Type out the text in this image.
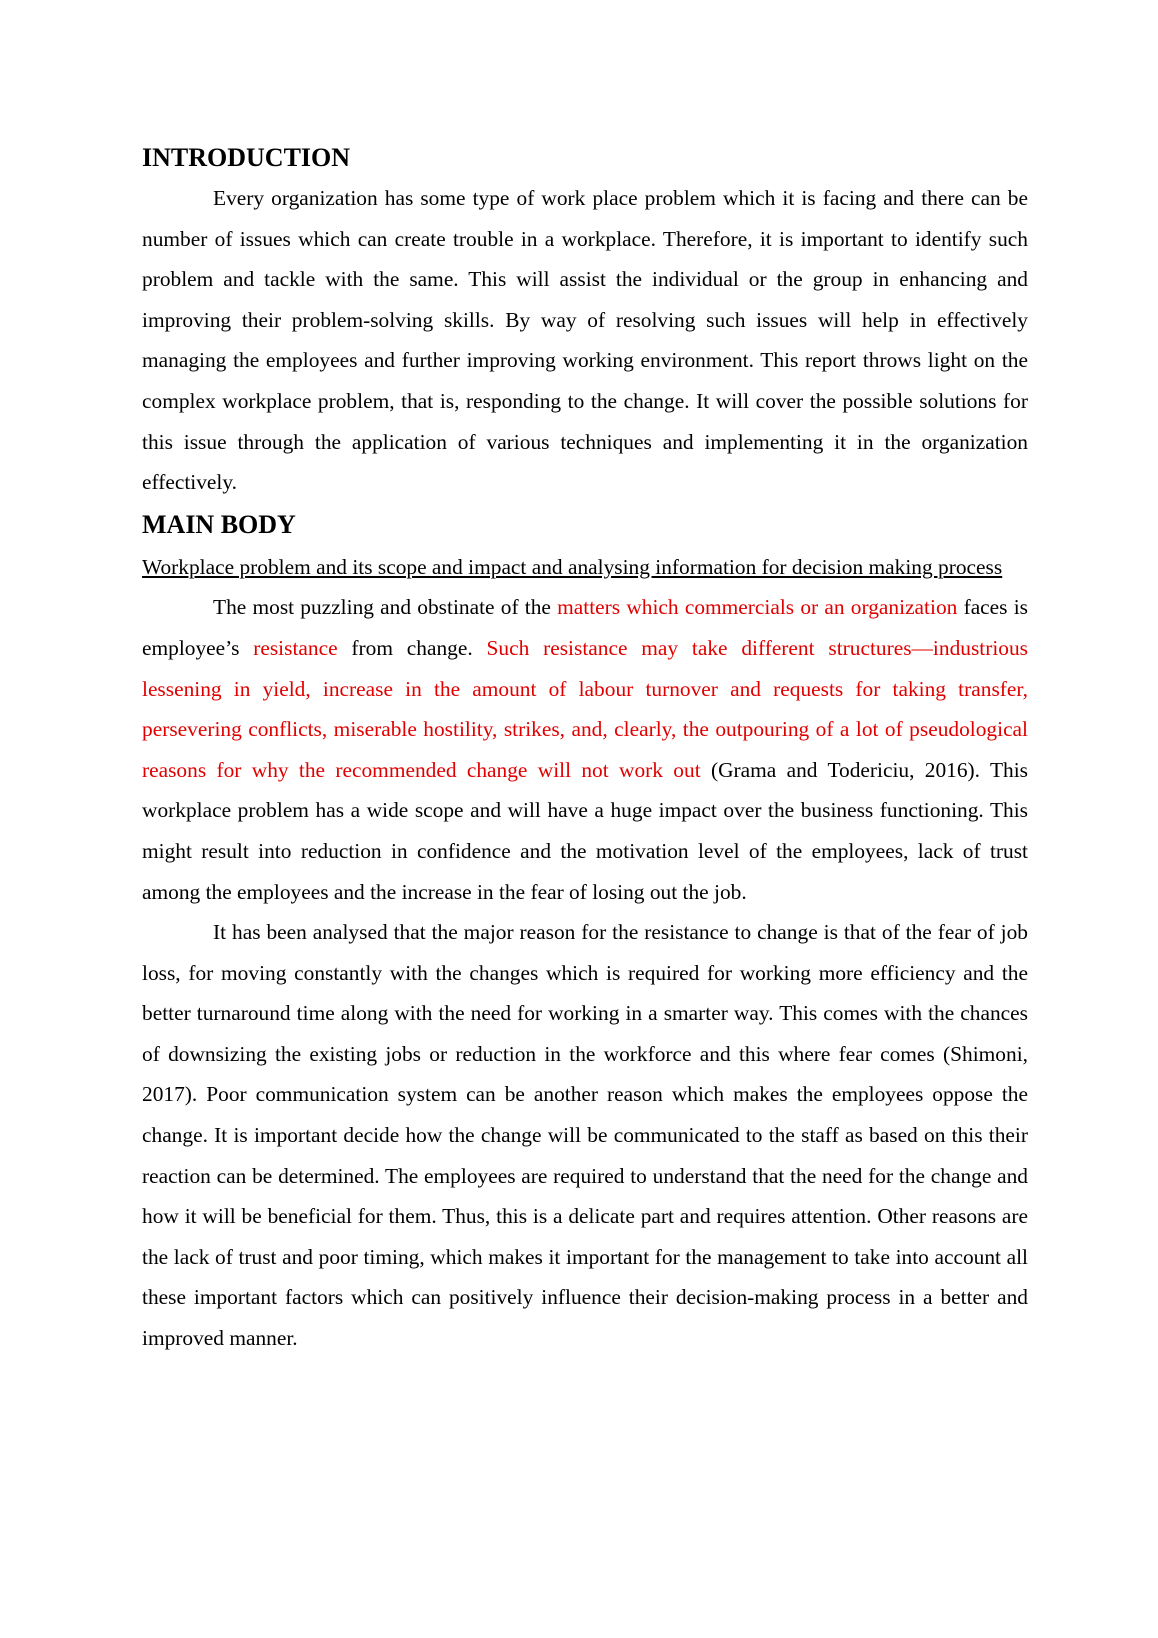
INTRODUCTION

Every organization has some type of work place problem which it is facing and there can be number of issues which can create trouble in a workplace. Therefore, it is important to identify such problem and tackle with the same. This will assist the individual or the group in enhancing and improving their problem-solving skills. By way of resolving such issues will help in effectively managing the employees and further improving working environment. This report throws light on the complex workplace problem, that is, responding to the change. It will cover the possible solutions for this issue through the application of various techniques and implementing it in the organization effectively.

MAIN BODY

Workplace problem and its scope and impact and analysing information for decision making process

The most puzzling and obstinate of the matters which commercials or an organization faces is employee’s resistance from change. Such resistance may take different structures—industrious lessening in yield, increase in the amount of labour turnover and requests for taking transfer, persevering conflicts, miserable hostility, strikes, and, clearly, the outpouring of a lot of pseudological reasons for why the recommended change will not work out (Grama and Todericiu, 2016). This workplace problem has a wide scope and will have a huge impact over the business functioning. This might result into reduction in confidence and the motivation level of the employees, lack of trust among the employees and the increase in the fear of losing out the job.

It has been analysed that the major reason for the resistance to change is that of the fear of job loss, for moving constantly with the changes which is required for working more efficiency and the better turnaround time along with the need for working in a smarter way. This comes with the chances of downsizing the existing jobs or reduction in the workforce and this where fear comes (Shimoni, 2017). Poor communication system can be another reason which makes the employees oppose the change. It is important decide how the change will be communicated to the staff as based on this their reaction can be determined. The employees are required to understand that the need for the change and how it will be beneficial for them. Thus, this is a delicate part and requires attention. Other reasons are the lack of trust and poor timing, which makes it important for the management to take into account all these important factors which can positively influence their decision-making process in a better and improved manner.
